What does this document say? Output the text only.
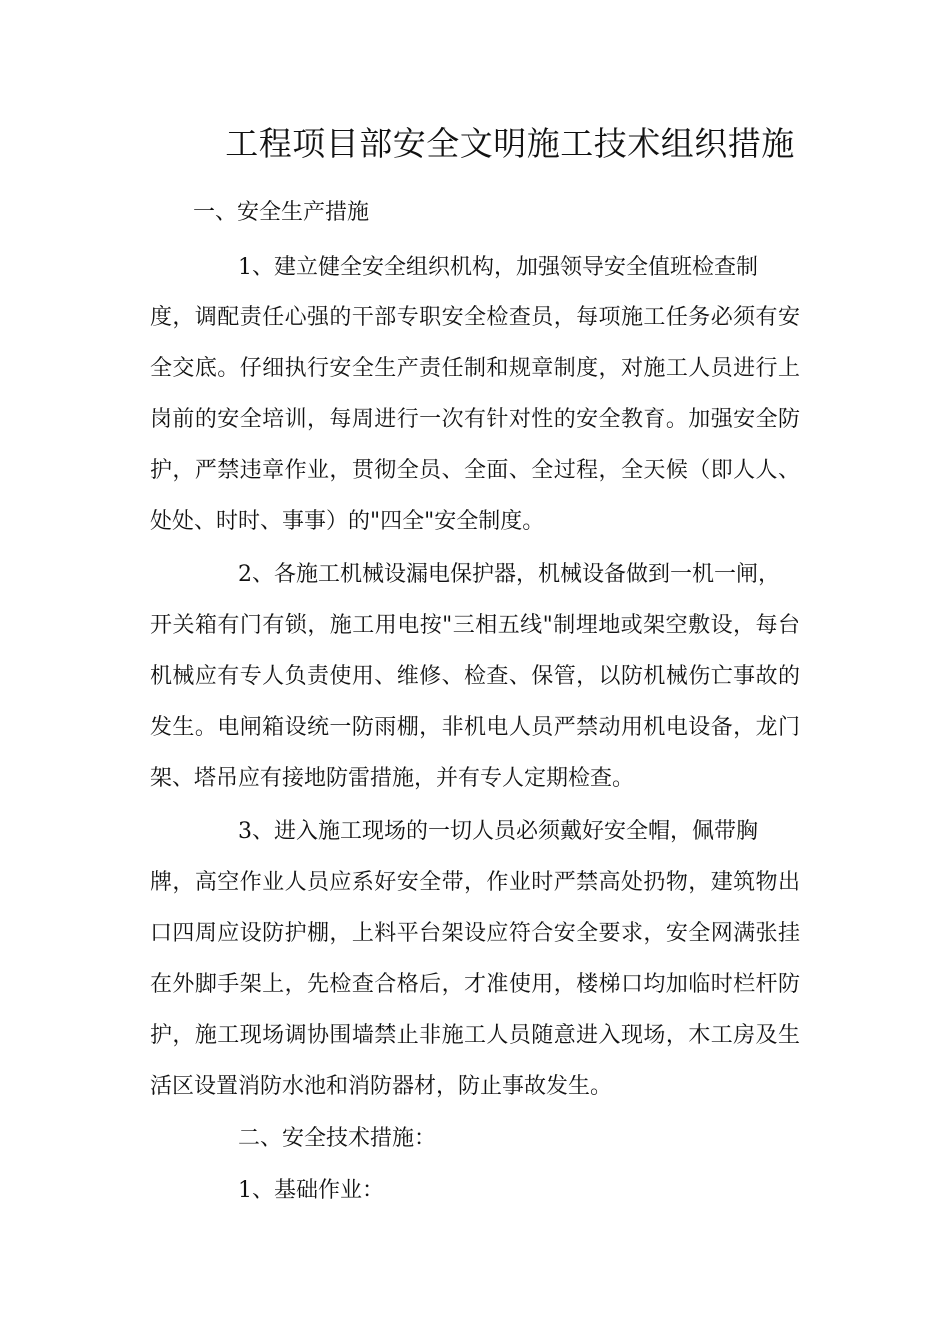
工程项目部安全文明施工技术组织措施

一、安全生产措施

1、建立健全安全组织机构，加强领导安全值班检查制

度，调配责任心强的干部专职安全检查员，每项施工任务必须有安

全交底。仔细执行安全生产责任制和规章制度，对施工人员进行上

岗前的安全培训，每周进行一次有针对性的安全教育。加强安全防

护，严禁违章作业，贯彻全员、全面、全过程，全天候（即人人、

处处、时时、事事）的"四全"安全制度。

2、各施工机械设漏电保护器，机械设备做到一机一闸，

开关箱有门有锁，施工用电按"三相五线"制埋地或架空敷设，每台

机械应有专人负责使用、维修、检查、保管，以防机械伤亡事故的

发生。电闸箱设统一防雨棚，非机电人员严禁动用机电设备，龙门

架、塔吊应有接地防雷措施，并有专人定期检查。

3、进入施工现场的一切人员必须戴好安全帽，佩带胸

牌，高空作业人员应系好安全带，作业时严禁高处扔物，建筑物出

口四周应设防护棚，上料平台架设应符合安全要求，安全网满张挂

在外脚手架上，先检查合格后，才准使用，楼梯口均加临时栏杆防

护，施工现场调协围墙禁止非施工人员随意进入现场，木工房及生

活区设置消防水池和消防器材，防止事故发生。

二、安全技术措施：

1、基础作业：
